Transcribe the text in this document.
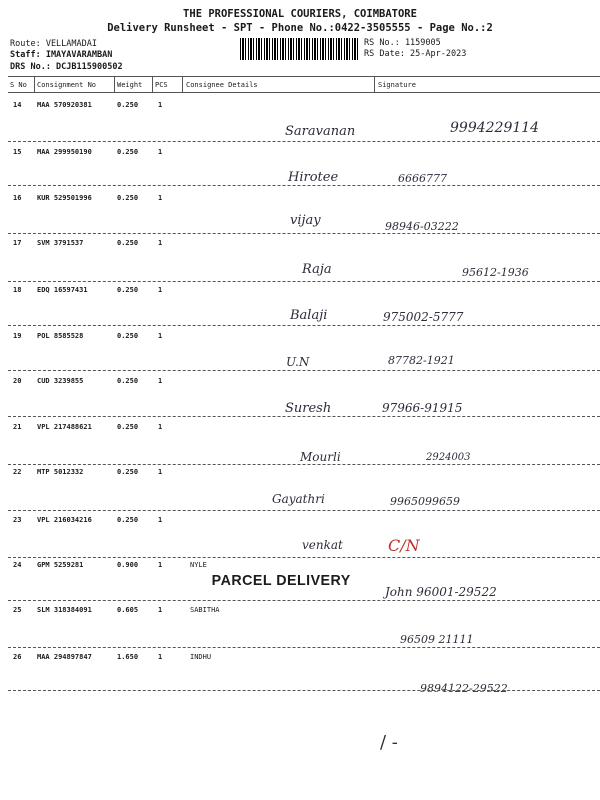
THE PROFESSIONAL COURIERS, COIMBATORE
Delivery Runsheet - SPT - Phone No.:0422-3505555 - Page No.:2
Route: VELLAMADAI
Staff: IMAYAVARAMBAN
DRS No.: DCJB115900502
RS No.: 1159005
RS Date: 25-Apr-2023
S No Consignment No	Weight PCS	Consignee Details	Signature
14 MAA 570920381	0.250	1
Saravanan	9994229114
15 MAA 299950190	0.250	1
Hirotee	6666777
16 KUR 529501996	0.250	1
vijay	98946-03222
17 SVM 3791537	0.250	1
Raja	95612-1936
18 EDQ 16597431	0.250	1
Balaji	975002-5777
19 POL 8585528	0.250	1
U.N	87782-1921
20 CUD 3239855	0.250	1
Suresh	97966-91915
21 VPL 217488621	0.250	1
Mourli	2924003
22 MTP 5012332	0.250	1
Gayathri	9965099659
23 VPL 216034216	0.250	1
venkat	C/N
24 GPM 5259281	0.900	1	NYLE
PARCEL DELIVERY
John 96001-29522
25 SLM 318384091	0.605	1	SABITHA
96509 21111
26 MAA 294897847	1.650	1	INDHU
9894122-29522
/ -
